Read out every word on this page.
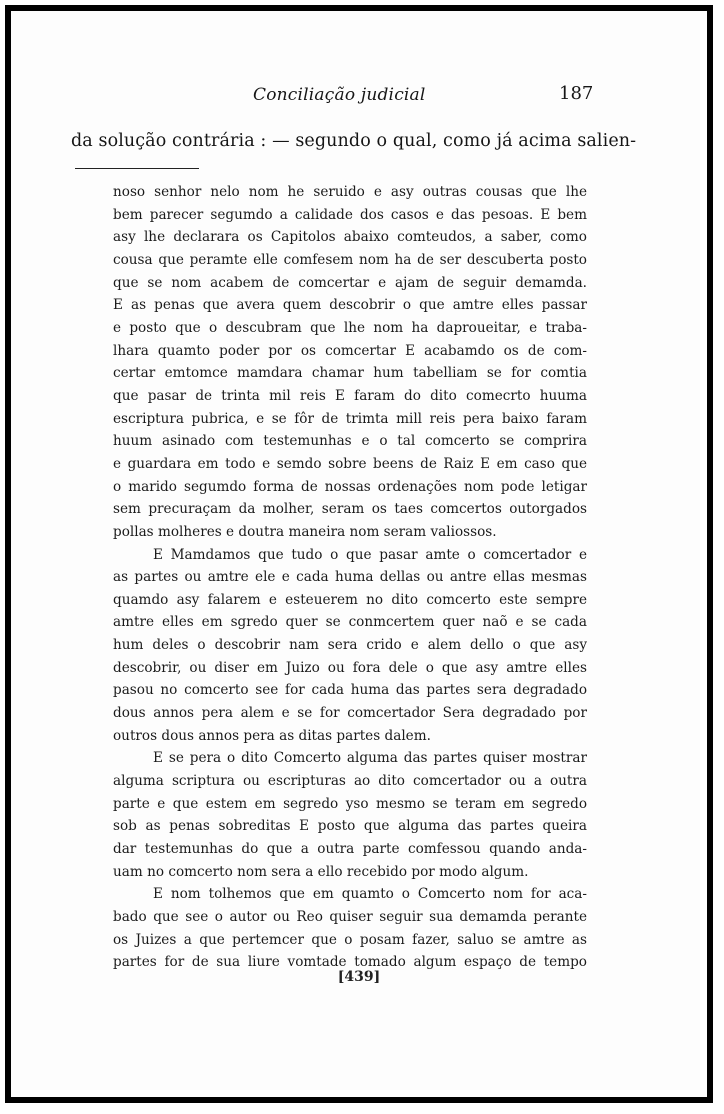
Conciliação judicial	187
da solução contrária : — segundo o qual, como já acima salien-
noso senhor nelo nom he seruido e asy outras cousas que lhe
bem parecer segumdo a calidade dos casos e das pesoas. E bem
asy lhe declarara os Capitolos abaixo comteudos, a saber, como
cousa que peramte elle comfesem nom ha de ser descuberta posto
que se nom acabem de comcertar e ajam de seguir demamda.
E as penas que avera quem descobrir o que amtre elles passar
e posto que o descubram que lhe nom ha daproueitar, e traba-
lhara quamto poder por os comcertar E acabamdo os de com-
certar emtomce mamdara chamar hum tabelliam se for comtia
que pasar de trinta mil reis E faram do dito comecrto huuma
escriptura pubrica, e se fôr de trimta mill reis pera baixo faram
huum asinado com testemunhas e o tal comcerto se comprira
e guardara em todo e semdo sobre beens de Raiz E em caso que
o marido segumdo forma de nossas ordenações nom pode letigar
sem precuraçam da molher, seram os taes comcertos outorgados
pollas molheres e doutra maneira nom seram valiossos.
E Mamdamos que tudo o que pasar amte o comcertador e
as partes ou amtre ele e cada huma dellas ou antre ellas mesmas
quamdo asy falarem e esteuerem no dito comcerto este sempre
amtre elles em sgredo quer se conmcertem quer naõ e se cada
hum deles o descobrir nam sera crido e alem dello o que asy
descobrir, ou diser em Juizo ou fora dele o que asy amtre elles
pasou no comcerto see for cada huma das partes sera degradado
dous annos pera alem e se for comcertador Sera degradado por
outros dous annos pera as ditas partes dalem.
E se pera o dito Comcerto alguma das partes quiser mostrar
alguma scriptura ou escripturas ao dito comcertador ou a outra
parte e que estem em segredo yso mesmo se teram em segredo
sob as penas sobreditas E posto que alguma das partes queira
dar testemunhas do que a outra parte comfessou quando anda-
uam no comcerto nom sera a ello recebido por modo algum.
E nom tolhemos que em quamto o Comcerto nom for aca-
bado que see o autor ou Reo quiser seguir sua demamda perante
os Juizes a que pertemcer que o posam fazer, saluo se amtre as
partes for de sua liure vomtade tomado algum espaço de tempo
[439]
